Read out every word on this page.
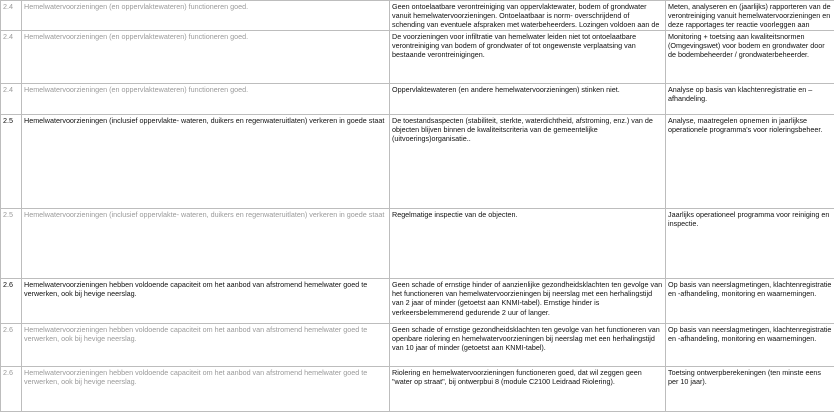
2.4	Hemelwatervoorzieningen (en oppervlaktewateren) functioneren goed.	Geen ontoelaatbare verontreiniging van oppervlaktewater, bodem of grondwater vanuit hemelwatervoorzieningen. Ontoelaatbaar is norm- overschrijdend of schending van eventuele afspraken met waterbeheerders. Lozingen voldoen aan de	Meten, analyseren en (jaarlijks) rapporteren van de verontreiniging vanuit hemelwatervoorzieningen en deze rapportages ter reactie voorleggen aan
2.4	Hemelwatervoorzieningen (en oppervlaktewateren) functioneren goed.	De voorzieningen voor infiltratie van hemelwater leiden niet tot ontoelaatbare verontreiniging van bodem of grondwater of tot ongewenste verplaatsing van bestaande verontreinigingen.	Monitoring + toetsing aan kwaliteitsnormen (Omgevingswet) voor bodem en grondwater door de bodembeheerder / grondwaterbeheerder.
2.4	Hemelwatervoorzieningen (en oppervlaktewateren) functioneren goed.	Oppervlaktewateren (en andere hemelwatervoorzieningen) stinken niet.	Analyse op basis van klachtenregistratie en –afhandeling.
2.5	Hemelwatervoorzieningen (inclusief oppervlakte- wateren, duikers en regenwateruitlaten) verkeren in goede staat	De toestandsaspecten (stabiliteit, sterkte, waterdichtheid, afstroming, enz.) van de objecten blijven binnen de kwaliteitscriteria van de gemeentelijke (uitvoerings)organisatie..	Analyse, maatregelen opnemen in jaarlijkse operationele programma's voor rioleringsbeheer.
2.5	Hemelwatervoorzieningen (inclusief oppervlakte- wateren, duikers en regenwateruitlaten) verkeren in goede staat	Regelmatige inspectie van de objecten.	Jaarlijks operationeel programma voor reiniging en inspectie.
2.6	Hemelwatervoorzieningen hebben voldoende capaciteit om het aanbod van afstromend hemelwater goed te verwerken, ook bij hevige neerslag.	Geen schade of ernstige hinder of aanzienlijke gezondheidsklachten ten gevolge van het functioneren van hemelwatervoorzieningen bij neerslag met een herhalingstijd van 2 jaar of minder (getoetst aan KNMI-tabel). Ernstige hinder is verkeersbelemmerend gedurende 2 uur of langer.	Op basis van neerslagmetingen, klachtenregistratie en -afhandeling, monitoring en waarnemingen.
2.6	Hemelwatervoorzieningen hebben voldoende capaciteit om het aanbod van afstromend hemelwater goed te verwerken, ook bij hevige neerslag.	Geen schade of ernstige gezondheidsklachten ten gevolge van het functioneren van openbare riolering en hemelwatervoorzieningen bij neerslag met een herhalingstijd van 10 jaar of minder (getoetst aan KNMI-tabel).	Op basis van neerslagmetingen, klachtenregistratie en -afhandeling, monitoring en waarnemingen.
2.6	Hemelwatervoorzieningen hebben voldoende capaciteit om het aanbod van afstromend hemelwater goed te verwerken, ook bij hevige neerslag.	Riolering en hemelwatervoorzieningen functioneren goed, dat wil zeggen geen "water op straat", bij ontwerpbui 8 (module C2100 Leidraad Riolering).	Toetsing ontwerpberekeningen (ten minste eens per 10 jaar).
